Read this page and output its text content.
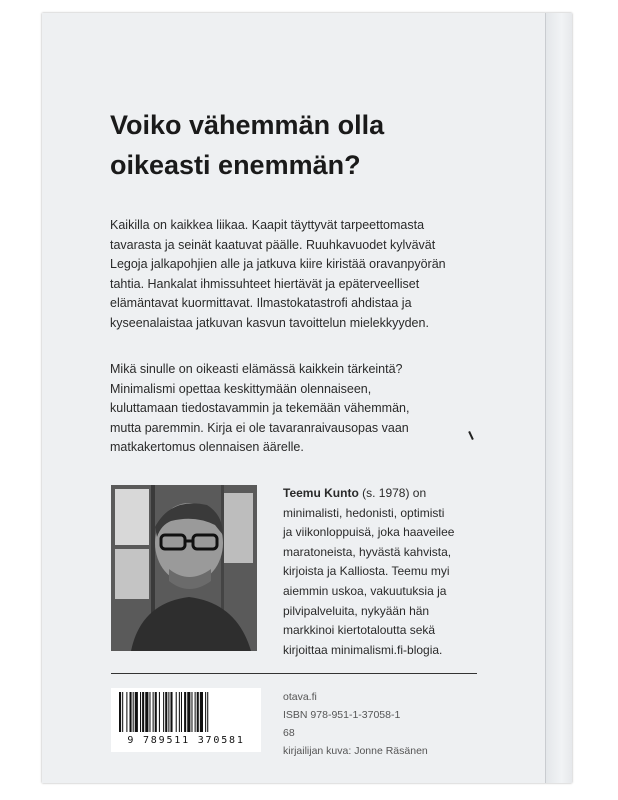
Voiko vähemmän olla
oikeasti enemmän?

Kaikilla on kaikkea liikaa. Kaapit täyttyvät tarpeettomasta
tavarasta ja seinät kaatuvat päälle. Ruuhkavuodet kylvävät
Legoja jalkapohjien alle ja jatkuva kiire kiristää oravanpyörän
tahtia. Hankalat ihmissuhteet hiertävät ja epäterveelliset
elämäntavat kuormittavat. Ilmastokatastrofi ahdistaa ja
kyseenalaistaa jatkuvan kasvun tavoittelun mielekkyyden.

Mikä sinulle on oikeasti elämässä kaikkein tärkeintä?
Minimalismi opettaa keskittymään olennaiseen,
kuluttamaan tiedostavammin ja tekemään vähemmän,
mutta paremmin. Kirja ei ole tavaranraivausopas vaan
matkakertomus olennaisen äärelle.

Teemu Kunto (s. 1978) on
minimalisti, hedonisti, optimisti
ja viikonloppuisä, joka haaveilee
maratoneista, hyvästä kahvista,
kirjoista ja Kalliosta. Teemu myi
aiemmin uskoa, vakuutuksia ja
pilvipalveluita, nykyään hän
markkinoi kiertotaloutta sekä
kirjoittaa minimalismi.fi-blogia.

9 789511 370581

otava.fi
ISBN 978-951-1-37058-1
68
kirjailijan kuva: Jonne Räsänen
